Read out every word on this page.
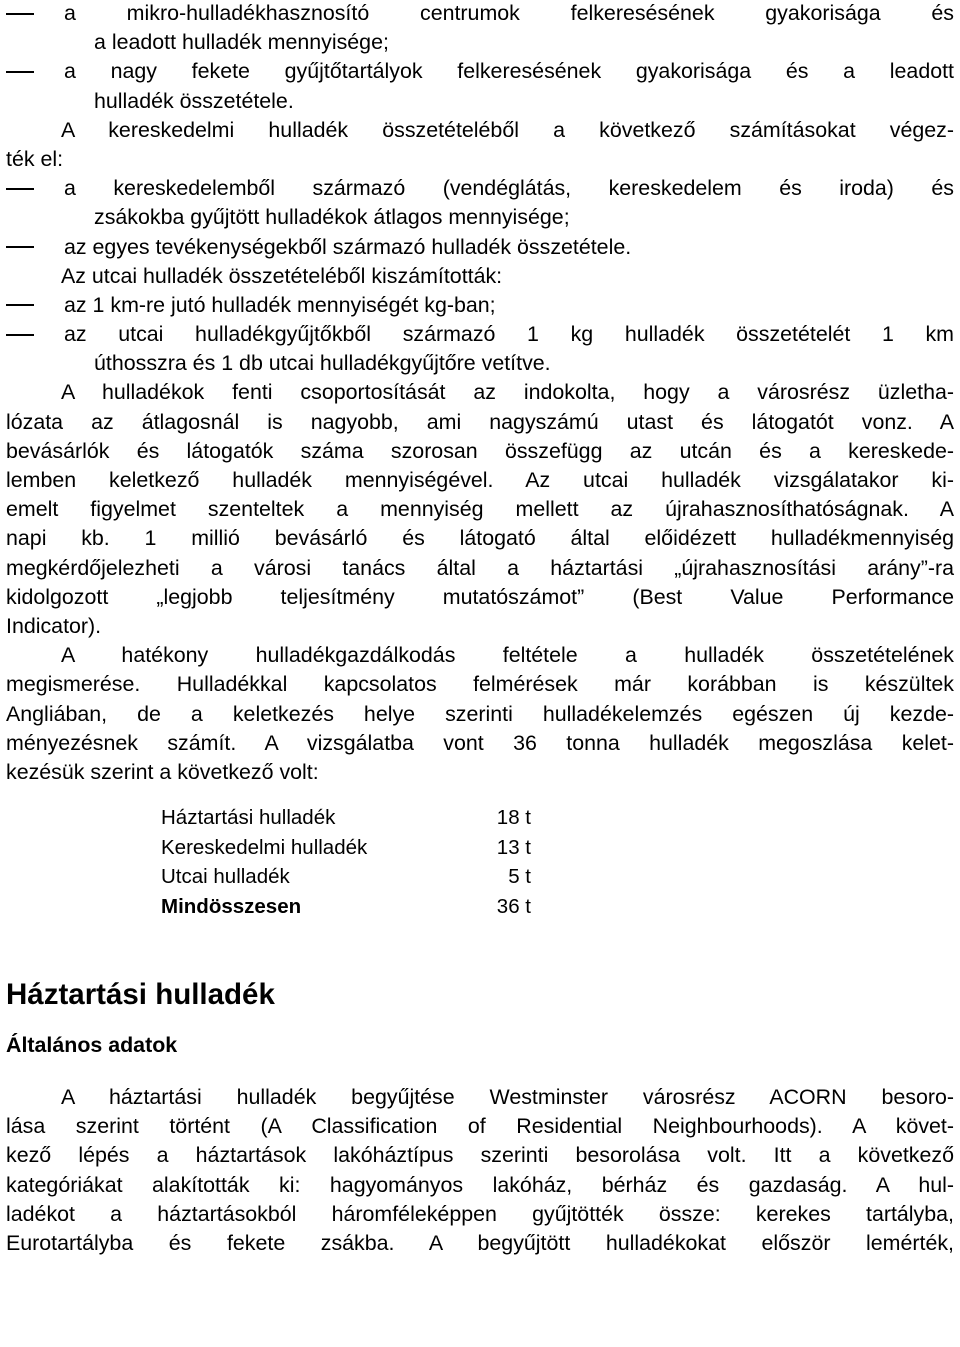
a mikro-hulladékhasznosító centrumok felkeresésének gyakorisága és
a leadott hulladék mennyisége;
a nagy fekete gyűjtőtartályok felkeresésének gyakorisága és a leadott
hulladék összetétele.
A kereskedelmi hulladék összetételéből a következő számításokat végez-
ték el:
a kereskedelemből származó (vendéglátás, kereskedelem és iroda) és
zsákokba gyűjtött hulladékok átlagos mennyisége;
az egyes tevékenységekből származó hulladék összetétele.
Az utcai hulladék összetételéből kiszámították:
az 1 km-re jutó hulladék mennyiségét kg-ban;
az utcai hulladékgyűjtőkből származó 1 kg hulladék összetételét 1 km
úthosszra és 1 db utcai hulladékgyűjtőre vetítve.
A hulladékok fenti csoportosítását az indokolta, hogy a városrész üzletha-
lózata az átlagosnál is nagyobb, ami nagyszámú utast és látogatót vonz. A
bevásárlók és látogatók száma szorosan összefügg az utcán és a kereskede-
lemben keletkező hulladék mennyiségével. Az utcai hulladék vizsgálatakor ki-
emelt figyelmet szenteltek a mennyiség mellett az újrahasznosíthatóságnak. A
napi kb. 1 millió bevásárló és látogató által előidézett hulladékmennyiség
megkérdőjelezheti a városi tanács által a háztartási „újrahasznosítási arány”-ra
kidolgozott „legjobb teljesítmény mutatószámot” (Best Value Performance
Indicator).
A hatékony hulladékgazdálkodás feltétele a hulladék összetételének
megismerése. Hulladékkal kapcsolatos felmérések már korábban is készültek
Angliában, de a keletkezés helye szerinti hulladékelemzés egészen új kezde-
ményezésnek számít. A vizsgálatba vont 36 tonna hulladék megoszlása kelet-
kezésük szerint a következő volt:
Háztartási hulladék	18 t
Kereskedelmi hulladék	13 t
Utcai hulladék	5 t
Mindösszesen	36 t
Háztartási hulladék
Általános adatok
A háztartási hulladék begyűjtése Westminster városrész ACORN besoro-
lása szerint történt (A Classification of Residential Neighbourhoods). A követ-
kező lépés a háztartások lakóháztípus szerinti besorolása volt. Itt a következő
kategóriákat alakították ki: hagyományos lakóház, bérház és gazdaság. A hul-
ladékot a háztartásokból háromféleképpen gyűjtötték össze: kerekes tartályba,
Eurotartályba és fekete zsákba. A begyűjtött hulladékokat először lemérték,
